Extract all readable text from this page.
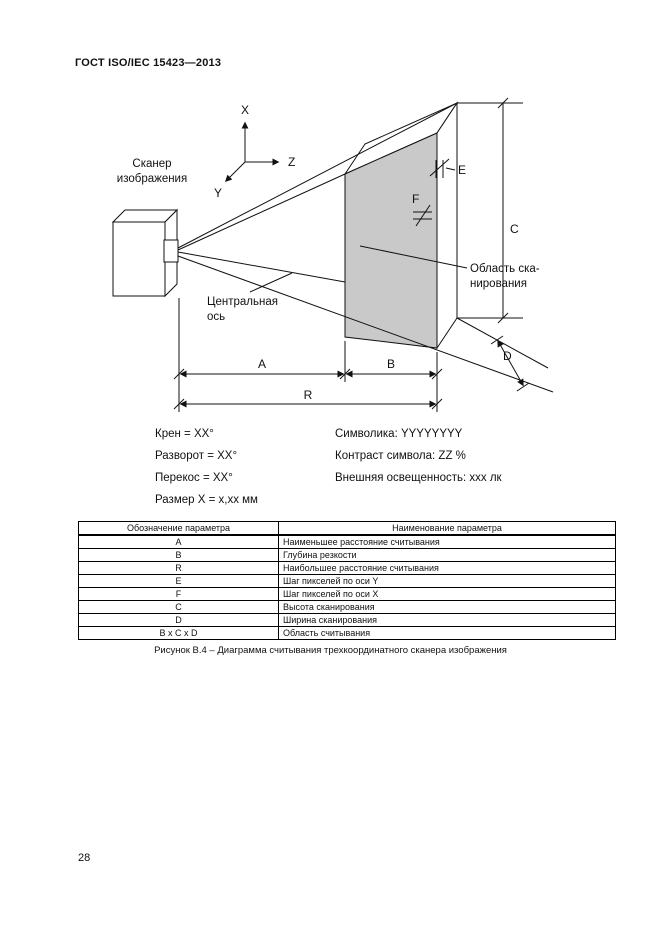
ГОСТ ISO/IEC 15423—2013
X
Z
Y
Сканер
изображения
Центральная
ось
Область ска-
нирования
A	B
R
C
D
E
F
Крен = XX°
Разворот = XX°
Перекос = XX°
Размер X = x,xx мм
Символика: YYYYYYYY
Контраст символа: ZZ %
Внешняя освещенность: xxx лк
Обозначение параметра	Наименование параметра
A	Наименьшее расстояние считывания
B	Глубина резкости
R	Наибольшее расстояние считывания
E	Шаг пикселей по оси Y
F	Шаг пикселей по оси X
C	Высота сканирования
D	Ширина сканирования
B x C x D	Область считывания
Рисунок В.4 – Диаграмма считывания трехкоординатного сканера изображения
28
